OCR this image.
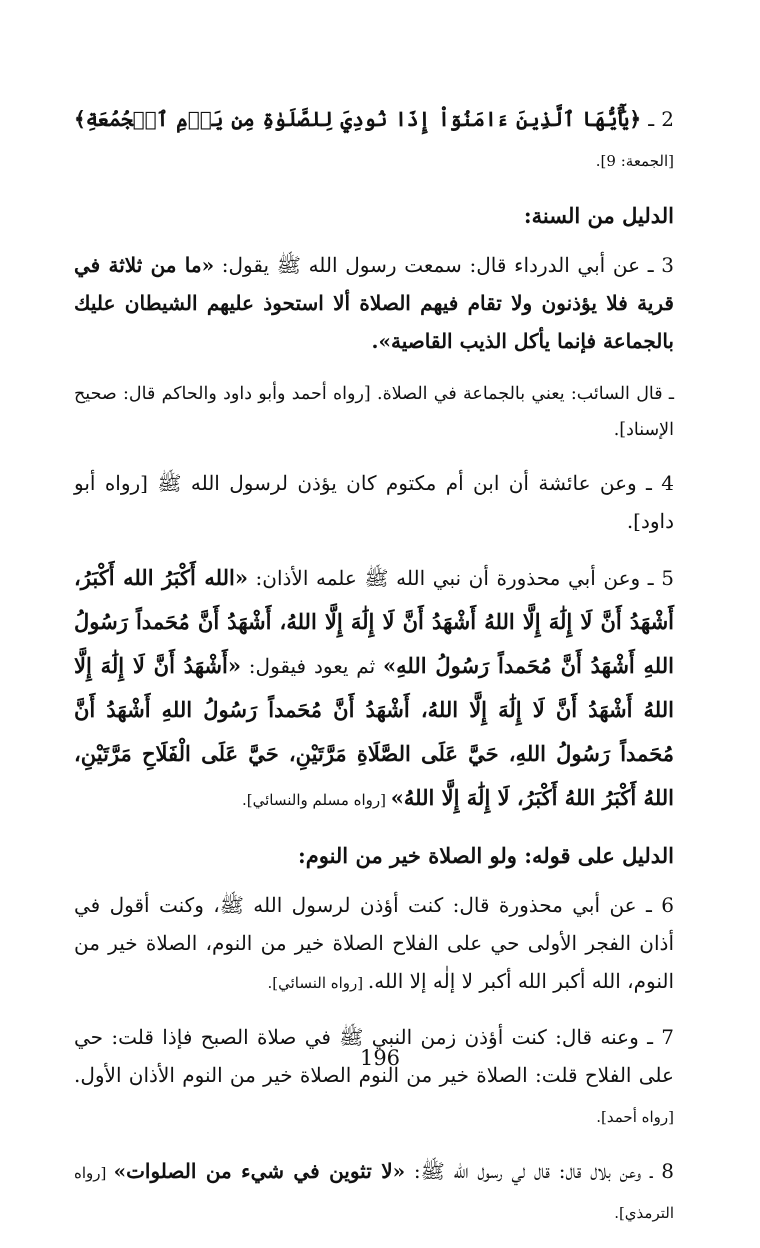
2 ـ ﴿يَٰٓأَيُّهَا ٱلَّذِينَ ءَامَنُوٓاْ إِذَا نُودِيَ لِلصَّلَوٰةِ مِن يَوۡمِ ٱلۡجُمُعَةِ﴾ [الجمعة: 9].

الدليل من السنة:

3 ـ عن أبي الدرداء قال: سمعت رسول الله ﷺ يقول: «ما من ثلاثة في قرية فلا يؤذنون ولا تقام فيهم الصلاة ألا استحوذ عليهم الشيطان عليك بالجماعة فإنما يأكل الذيب القاصية».

ـ قال السائب: يعني بالجماعة في الصلاة. [رواه أحمد وأبو داود والحاكم قال: صحيح الإسناد].

4 ـ وعن عائشة أن ابن أم مكتوم كان يؤذن لرسول الله ﷺ [رواه أبو داود].

5 ـ وعن أبي محذورة أن نبي الله ﷺ علمه الأذان: «الله أَكْبَرُ الله أَكْبَرُ، أَشْهَدُ أَنَّ لَا إِلَٰهَ إِلَّا اللهُ أَشْهَدُ أَنَّ لَا إِلَٰهَ إِلَّا اللهُ، أَشْهَدُ أَنَّ مُحَمداً رَسُولُ اللهِ أَشْهَدُ أَنَّ مُحَمداً رَسُولُ اللهِ» ثم يعود فيقول: «أَشْهَدُ أَنَّ لَا إِلَٰهَ إِلَّا اللهُ أَشْهَدُ أَنَّ لَا إِلَٰهَ إِلَّا اللهُ، أَشْهَدُ أَنَّ مُحَمداً رَسُولُ اللهِ أَشْهَدُ أَنَّ مُحَمداً رَسُولُ اللهِ، حَيَّ عَلَى الصَّلَاةِ مَرَّتَيْنِ، حَيَّ عَلَى الْفَلَاحِ مَرَّتَيْنِ، اللهُ أَكْبَرُ اللهُ أَكْبَرُ، لَا إِلَٰهَ إِلَّا اللهُ» [رواه مسلم والنسائي].

الدليل على قوله: ولو الصلاة خير من النوم:

6 ـ عن أبي محذورة قال: كنت أؤذن لرسول الله ﷺ، وكنت أقول في أذان الفجر الأولى حي على الفلاح الصلاة خير من النوم، الصلاة خير من النوم، الله أكبر الله أكبر لا إلٰه إلا الله. [رواه النسائي].

7 ـ وعنه قال: كنت أؤذن زمن النبي ﷺ في صلاة الصبح فإذا قلت: حي على الفلاح قلت: الصلاة خير من النوم الصلاة خير من النوم الأذان الأول. [رواه أحمد].

8 ـ وعن بلال قال: قال لي رسول الله ﷺ: «لا تثوين في شيء من الصلوات» [رواه الترمذي].

196
